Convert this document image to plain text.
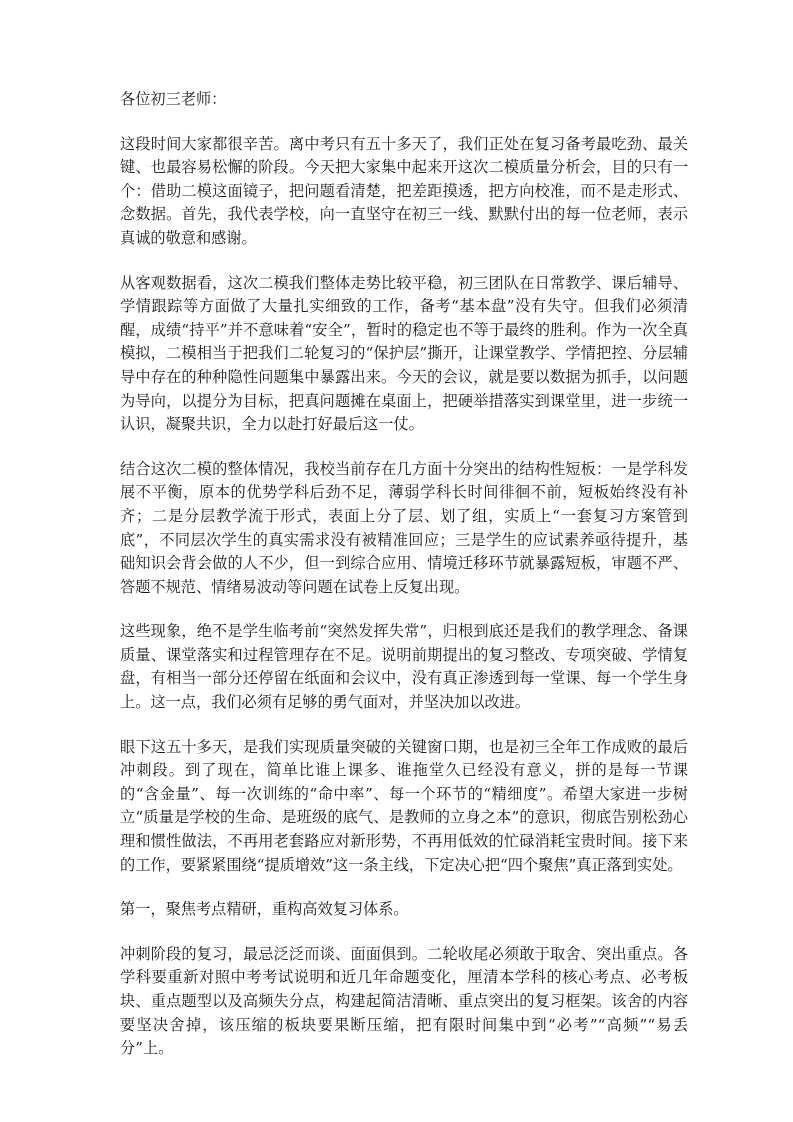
各位初三老师：

这段时间大家都很辛苦。离中考只有五十多天了，我们正处在复习备考最吃劲、最关键、也最容易松懈的阶段。今天把大家集中起来开这次二模质量分析会，目的只有一个：借助二模这面镜子，把问题看清楚，把差距摸透，把方向校准，而不是走形式、念数据。首先，我代表学校，向一直坚守在初三一线、默默付出的每一位老师，表示真诚的敬意和感谢。

从客观数据看，这次二模我们整体走势比较平稳，初三团队在日常教学、课后辅导、学情跟踪等方面做了大量扎实细致的工作，备考“基本盘”没有失守。但我们必须清醒，成绩“持平”并不意味着“安全”，暂时的稳定也不等于最终的胜利。作为一次全真模拟，二模相当于把我们二轮复习的“保护层”撕开，让课堂教学、学情把控、分层辅导中存在的种种隐性问题集中暴露出来。今天的会议，就是要以数据为抓手，以问题为导向，以提分为目标，把真问题摊在桌面上，把硬举措落实到课堂里，进一步统一认识，凝聚共识，全力以赴打好最后这一仗。

结合这次二模的整体情况，我校当前存在几方面十分突出的结构性短板：一是学科发展不平衡，原本的优势学科后劲不足，薄弱学科长时间徘徊不前，短板始终没有补齐；二是分层教学流于形式，表面上分了层、划了组，实质上“一套复习方案管到底”，不同层次学生的真实需求没有被精准回应；三是学生的应试素养亟待提升，基础知识会背会做的人不少，但一到综合应用、情境迁移环节就暴露短板，审题不严、答题不规范、情绪易波动等问题在试卷上反复出现。

这些现象，绝不是学生临考前“突然发挥失常”，归根到底还是我们的教学理念、备课质量、课堂落实和过程管理存在不足。说明前期提出的复习整改、专项突破、学情复盘，有相当一部分还停留在纸面和会议中，没有真正渗透到每一堂课、每一个学生身上。这一点，我们必须有足够的勇气面对，并坚决加以改进。

眼下这五十多天，是我们实现质量突破的关键窗口期，也是初三全年工作成败的最后冲刺段。到了现在，简单比谁上课多、谁拖堂久已经没有意义，拼的是每一节课的“含金量”、每一次训练的“命中率”、每一个环节的“精细度”。希望大家进一步树立“质量是学校的生命、是班级的底气、是教师的立身之本”的意识，彻底告别松劲心理和惯性做法，不再用老套路应对新形势，不再用低效的忙碌消耗宝贵时间。接下来的工作，要紧紧围绕“提质增效”这一条主线，下定决心把“四个聚焦”真正落到实处。

第一，聚焦考点精研，重构高效复习体系。

冲刺阶段的复习，最忌泛泛而谈、面面俱到。二轮收尾必须敢于取舍、突出重点。各学科要重新对照中考考试说明和近几年命题变化，厘清本学科的核心考点、必考板块、重点题型以及高频失分点，构建起简洁清晰、重点突出的复习框架。该舍的内容要坚决舍掉，该压缩的板块要果断压缩，把有限时间集中到“必考”“高频”“易丢分”上。
